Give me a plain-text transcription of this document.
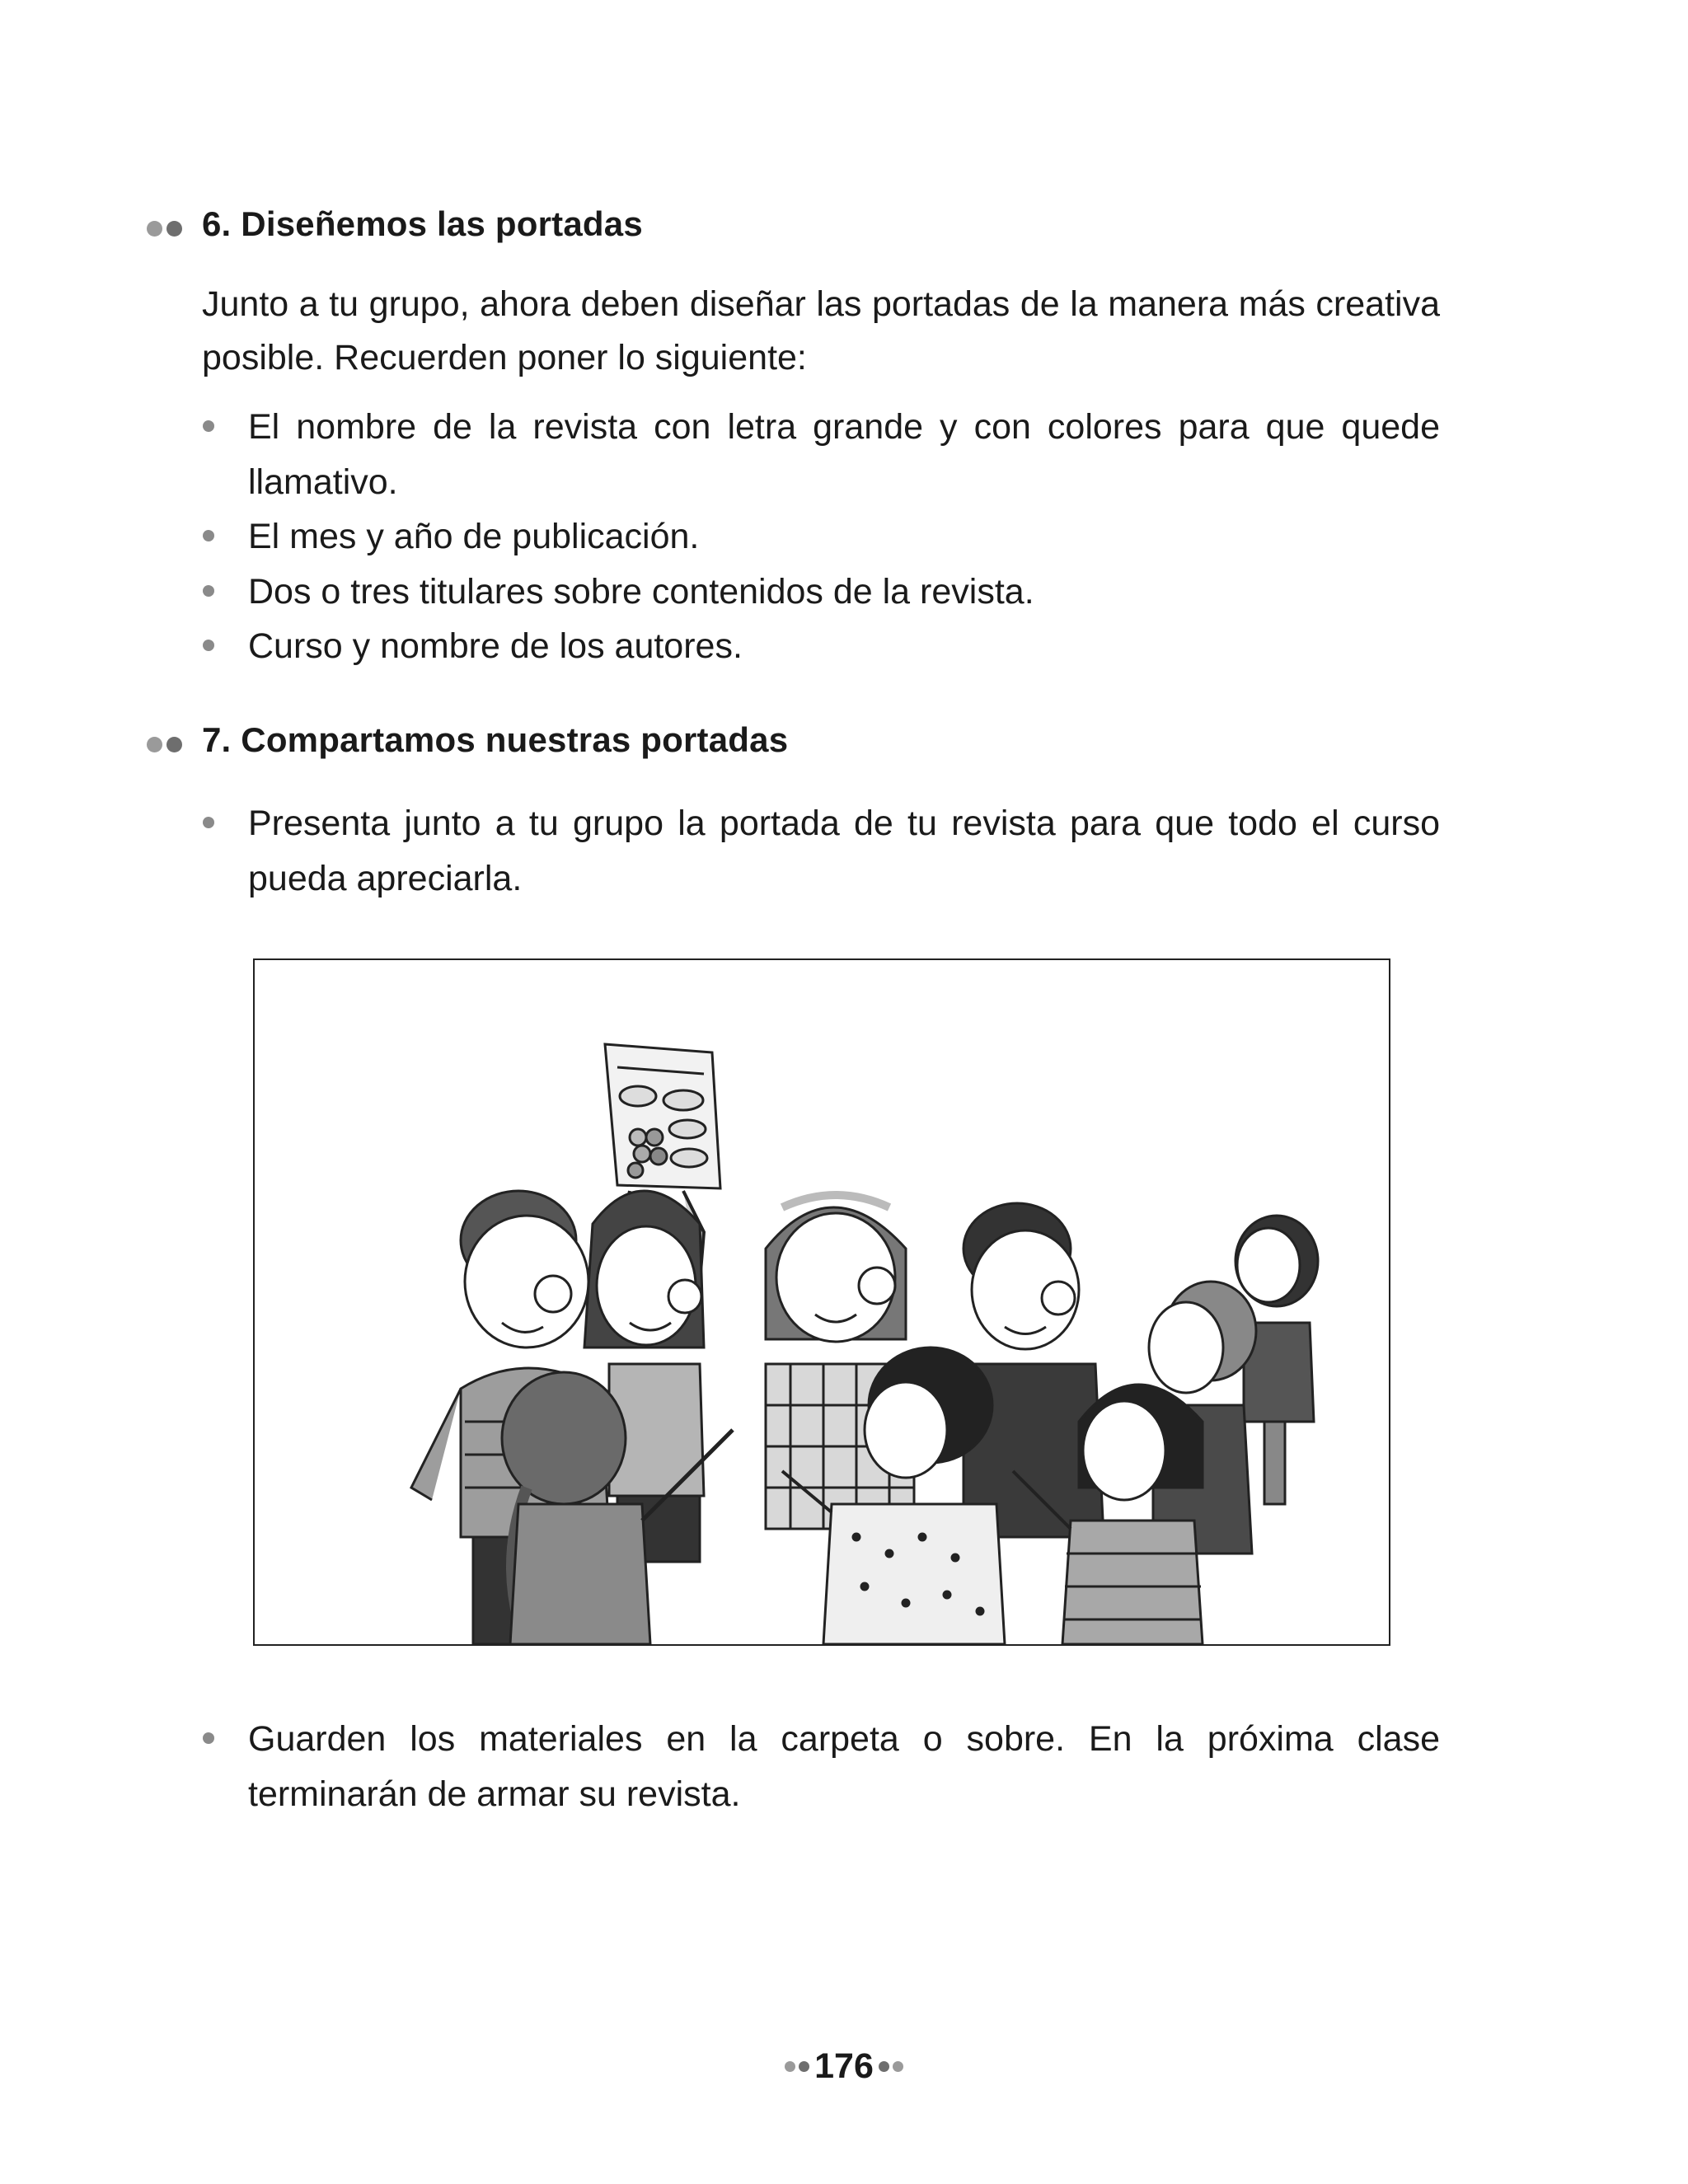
6. Diseñemos las portadas
Junto a tu grupo, ahora deben diseñar las portadas de la manera más creativa posible. Recuerden poner lo siguiente:
El nombre de la revista con letra grande y con colores para que quede llamativo.
El mes y año de publicación.
Dos o tres titulares sobre contenidos de la revista.
Curso y nombre de los autores.
7. Compartamos nuestras portadas
Presenta junto a tu grupo la portada de tu revista para que todo el curso pueda apreciarla.
Guarden los materiales en la carpeta o sobre. En la próxima clase terminarán de armar su revista.
176
